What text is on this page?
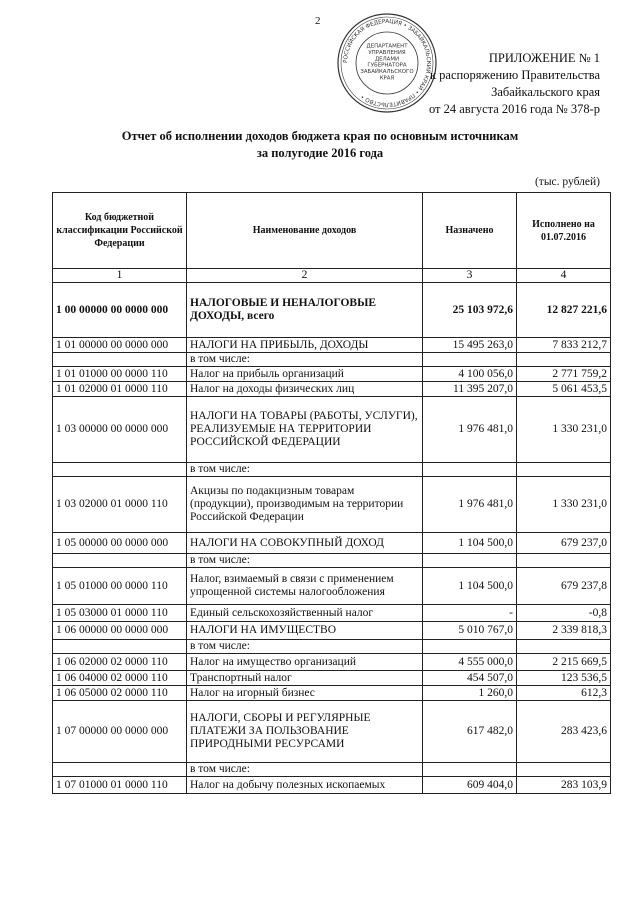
2
РОССИЙСКАЯ ФЕДЕРАЦИЯ • ЗАБАЙКАЛЬСКИЙ КРАЙ • ПРАВИТЕЛЬСТВО •
ДЕПАРТАМЕНТ
УПРАВЛЕНИЯ
ДЕЛАМИ
ГУБЕРНАТОРА
ЗАБАЙКАЛЬСКОГО
КРАЯ
ПРИЛОЖЕНИЕ № 1
к распоряжению Правительства
Забайкальского края
от 24 августа 2016 года № 378-р
Отчет об исполнении доходов бюджета края по основным источникам
за полугодие 2016 года
(тыс. рублей)
Код бюджетной классификации Российской Федерации	Наименование доходов	Назначено	Исполнено на 01.07.2016
1	2	3	4
1 00 00000 00 0000 000	НАЛОГОВЫЕ И НЕНАЛОГОВЫЕ ДОХОДЫ, всего	25 103 972,6	12 827 221,6
1 01 00000 00 0000 000	НАЛОГИ НА ПРИБЫЛЬ, ДОХОДЫ	15 495 263,0	7 833 212,7
	в том числе:		
1 01 01000 00 0000 110	Налог на прибыль организаций	4 100 056,0	2 771 759,2
1 01 02000 01 0000 110	Налог на доходы физических лиц	11 395 207,0	5 061 453,5
1 03 00000 00 0000 000	НАЛОГИ НА ТОВАРЫ (РАБОТЫ, УСЛУГИ), РЕАЛИЗУЕМЫЕ НА ТЕРРИТОРИИ РОССИЙСКОЙ ФЕДЕРАЦИИ	1 976 481,0	1 330 231,0
	в том числе:		
1 03 02000 01 0000 110	Акцизы по подакцизным товарам (продукции), производимым на территории Российской Федерации	1 976 481,0	1 330 231,0
1 05 00000 00 0000 000	НАЛОГИ НА СОВОКУПНЫЙ ДОХОД	1 104 500,0	679 237,0
	в том числе:		
1 05 01000 00 0000 110	Налог, взимаемый в связи с применением упрощенной системы налогообложения	1 104 500,0	679 237,8
1 05 03000 01 0000 110	Единый сельскохозяйственный налог	-	-0,8
1 06 00000 00 0000 000	НАЛОГИ НА ИМУЩЕСТВО	5 010 767,0	2 339 818,3
	в том числе:		
1 06 02000 02 0000 110	Налог на имущество организаций	4 555 000,0	2 215 669,5
1 06 04000 02 0000 110	Транспортный налог	454 507,0	123 536,5
1 06 05000 02 0000 110	Налог на игорный бизнес	1 260,0	612,3
1 07 00000 00 0000 000	НАЛОГИ, СБОРЫ И РЕГУЛЯРНЫЕ ПЛАТЕЖИ ЗА ПОЛЬЗОВАНИЕ ПРИРОДНЫМИ РЕСУРСАМИ	617 482,0	283 423,6
	в том числе:		
1 07 01000 01 0000 110	Налог на добычу полезных ископаемых	609 404,0	283 103,9
